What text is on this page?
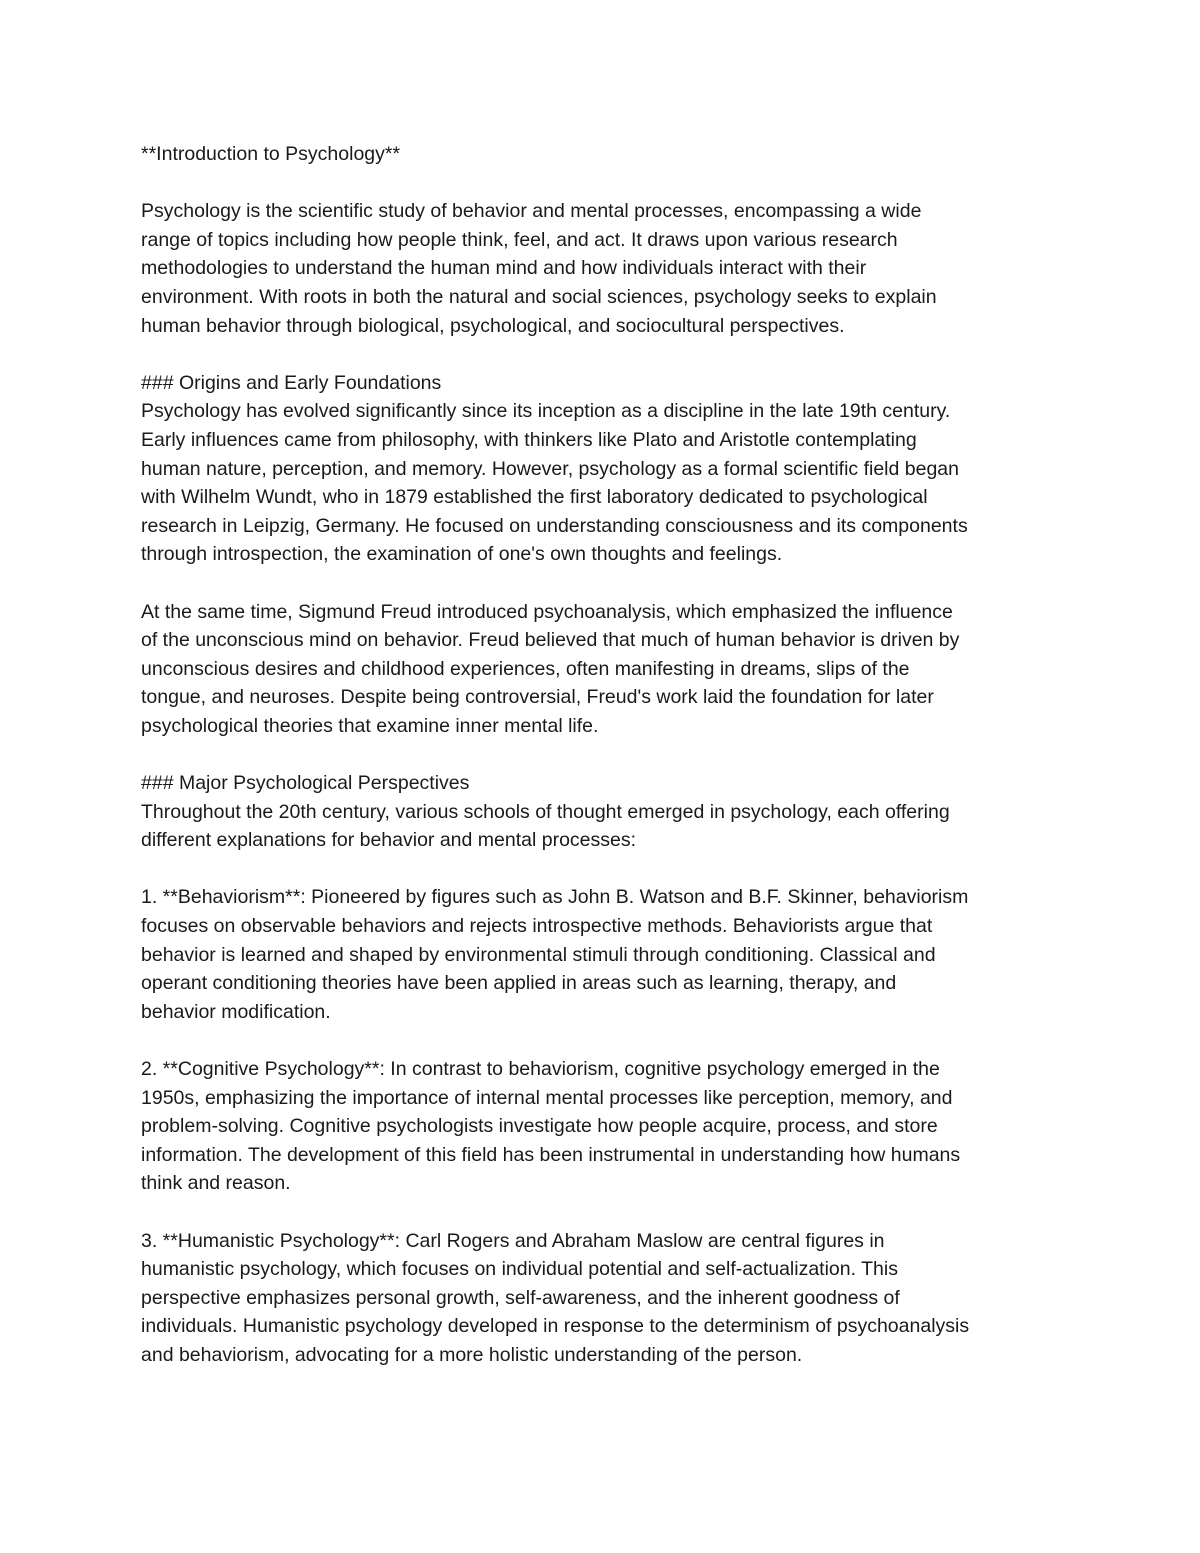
**Introduction to Psychology**

Psychology is the scientific study of behavior and mental processes, encompassing a wide
range of topics including how people think, feel, and act. It draws upon various research
methodologies to understand the human mind and how individuals interact with their
environment. With roots in both the natural and social sciences, psychology seeks to explain
human behavior through biological, psychological, and sociocultural perspectives.

### Origins and Early Foundations

Psychology has evolved significantly since its inception as a discipline in the late 19th century.
Early influences came from philosophy, with thinkers like Plato and Aristotle contemplating
human nature, perception, and memory. However, psychology as a formal scientific field began
with Wilhelm Wundt, who in 1879 established the first laboratory dedicated to psychological
research in Leipzig, Germany. He focused on understanding consciousness and its components
through introspection, the examination of one's own thoughts and feelings.

At the same time, Sigmund Freud introduced psychoanalysis, which emphasized the influence
of the unconscious mind on behavior. Freud believed that much of human behavior is driven by
unconscious desires and childhood experiences, often manifesting in dreams, slips of the
tongue, and neuroses. Despite being controversial, Freud's work laid the foundation for later
psychological theories that examine inner mental life.

### Major Psychological Perspectives

Throughout the 20th century, various schools of thought emerged in psychology, each offering
different explanations for behavior and mental processes:

1. **Behaviorism**: Pioneered by figures such as John B. Watson and B.F. Skinner, behaviorism
focuses on observable behaviors and rejects introspective methods. Behaviorists argue that
behavior is learned and shaped by environmental stimuli through conditioning. Classical and
operant conditioning theories have been applied in areas such as learning, therapy, and
behavior modification.

2. **Cognitive Psychology**: In contrast to behaviorism, cognitive psychology emerged in the
1950s, emphasizing the importance of internal mental processes like perception, memory, and
problem-solving. Cognitive psychologists investigate how people acquire, process, and store
information. The development of this field has been instrumental in understanding how humans
think and reason.

3. **Humanistic Psychology**: Carl Rogers and Abraham Maslow are central figures in
humanistic psychology, which focuses on individual potential and self-actualization. This
perspective emphasizes personal growth, self-awareness, and the inherent goodness of
individuals. Humanistic psychology developed in response to the determinism of psychoanalysis
and behaviorism, advocating for a more holistic understanding of the person.
